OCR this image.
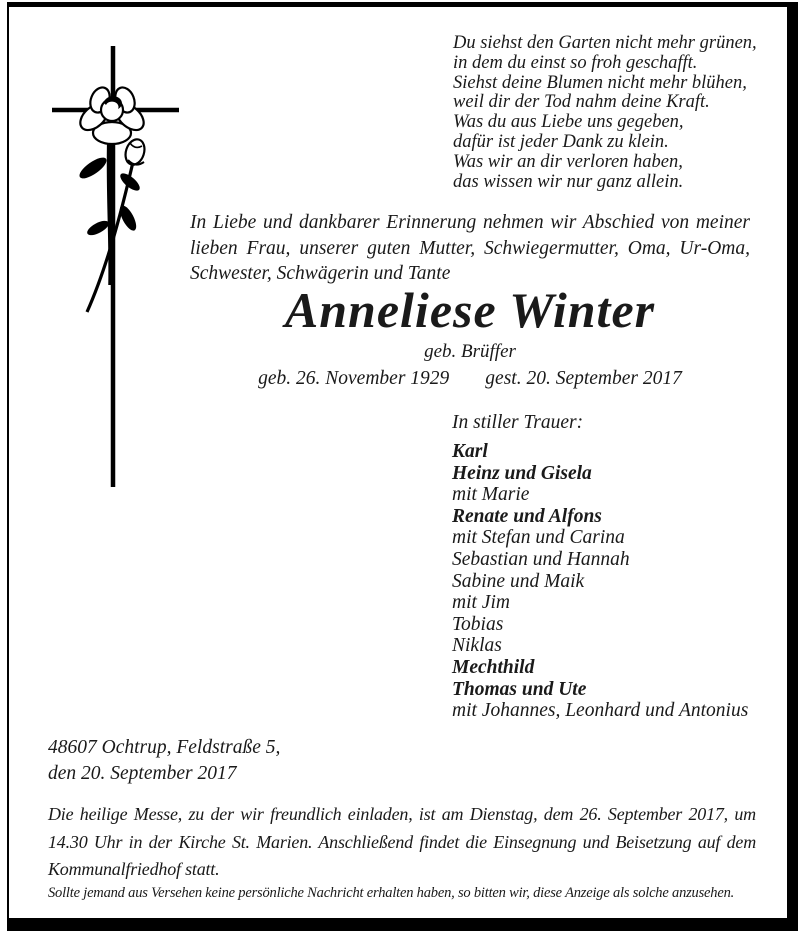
Du siehst den Garten nicht mehr grünen,
in dem du einst so froh geschafft.
Siehst deine Blumen nicht mehr blühen,
weil dir der Tod nahm deine Kraft.
Was du aus Liebe uns gegeben,
dafür ist jeder Dank zu klein.
Was wir an dir verloren haben,
das wissen wir nur ganz allein.
In Liebe und dankbarer Erinnerung nehmen wir Abschied von meiner lieben Frau, unserer guten Mutter, Schwiegermutter, Oma, Ur-Oma, Schwester, Schwägerin und Tante
Anneliese Winter
geb. Brüffer
geb. 26. November 1929 gest. 20. September 2017
In stiller Trauer:
Karl
Heinz und Gisela
mit Marie
Renate und Alfons
mit Stefan und Carina
Sebastian und Hannah
Sabine und Maik
mit Jim
Tobias
Niklas
Mechthild
Thomas und Ute
mit Johannes, Leonhard und Antonius
48607 Ochtrup, Feldstraße 5,
den 20. September 2017
Die heilige Messe, zu der wir freundlich einladen, ist am Dienstag, dem 26. September 2017, um 14.30 Uhr in der Kirche St. Marien. Anschließend findet die Einsegnung und Beisetzung auf dem Kommunalfriedhof statt.
Sollte jemand aus Versehen keine persönliche Nachricht erhalten haben, so bitten wir, diese Anzeige als solche anzusehen.
